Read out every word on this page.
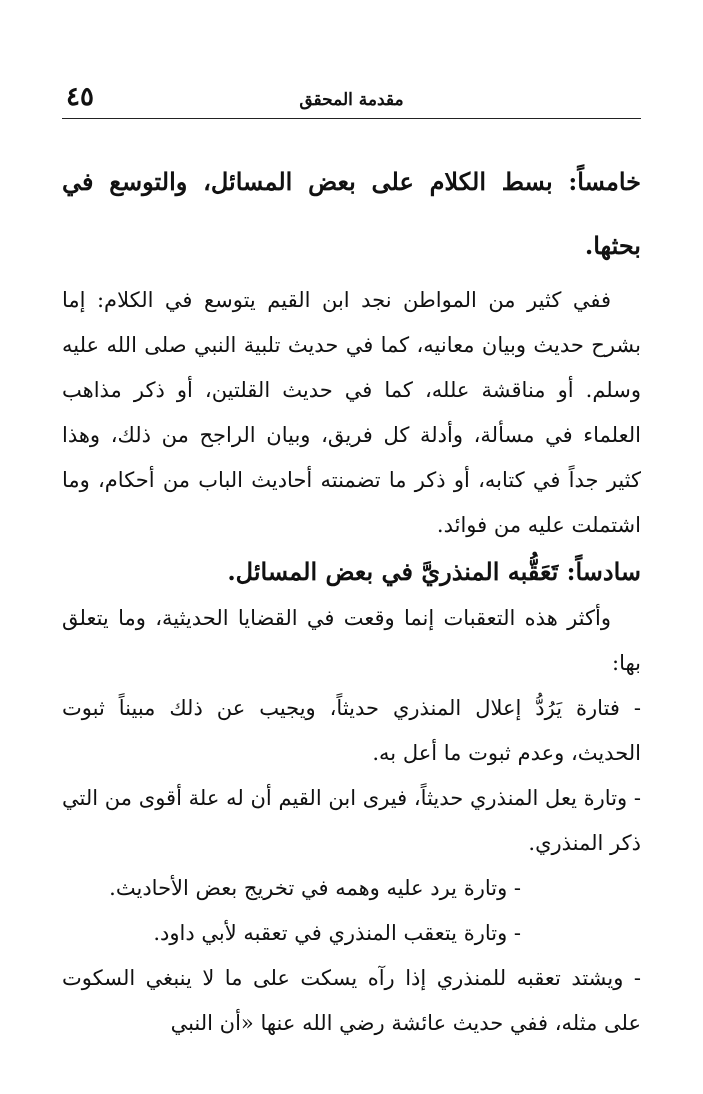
مقدمة المحقق
٤٥

خامساً: بسط الكلام على بعض المسائل، والتوسع في بحثها.

ففي كثير من المواطن نجد ابن القيم يتوسع في الكلام: إما بشرح حديث وبيان معانيه، كما في حديث تلبية النبي صلى الله عليه وسلم. أو مناقشة علله، كما في حديث القلتين، أو ذكر مذاهب العلماء في مسألة، وأدلة كل فريق، وبيان الراجح من ذلك، وهذا كثير جداً في كتابه، أو ذكر ما تضمنته أحاديث الباب من أحكام، وما اشتملت عليه من فوائد.

سادساً: تَعَقُّبه المنذريَّ في بعض المسائل.

وأكثر هذه التعقبات إنما وقعت في القضايا الحديثية، وما يتعلق بها:

- فتارة يَرُدُّ إعلال المنذري حديثاً، ويجيب عن ذلك مبيناً ثبوت الحديث، وعدم ثبوت ما أعل به.

- وتارة يعل المنذري حديثاً، فيرى ابن القيم أن له علة أقوى من التي ذكر المنذري.

- وتارة يرد عليه وهمه في تخريج بعض الأحاديث.

- وتارة يتعقب المنذري في تعقبه لأبي داود.

- ويشتد تعقبه للمنذري إذا رآه يسكت على ما لا ينبغي السكوت على مثله، ففي حديث عائشة رضي الله عنها «أن النبي
